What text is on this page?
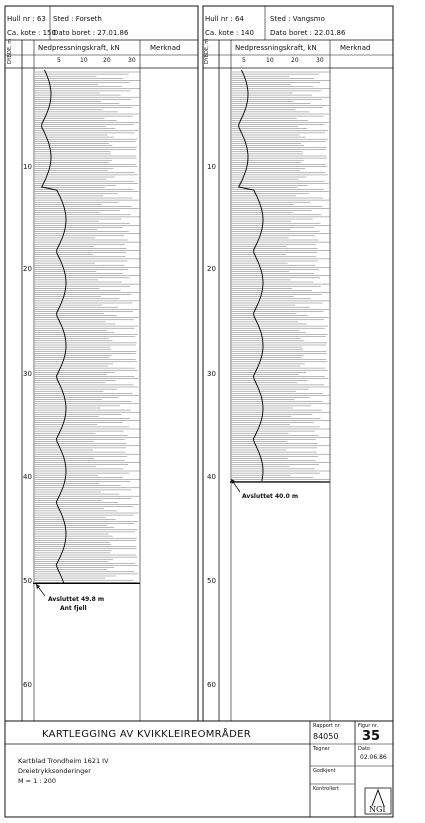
Hull nr : 63 Sted : Forseth
Ca. kote : 150
Dato boret : 27.01.86
Nedpressningskraft, kN	Merknad
DYBDE, m	5	10	20	30
10
20
30
40
50
60
Avsluttet 49.8 m
Ant fjell
Hull nr : 64	Sted : Vangsmo
Ca. kote : 140 Dato boret : 22.01.86
Nedpressningskraft, kN	Merknad
DYBDE, m	5	10	20	30
10
20
30
40
50
60
Avsluttet 40.0 m
KARTLEGGING AV KVIKKLEIREOMRÅDER
Kartblad Trondheim 1621 IV
Dreietrykksonderinger
M = 1 : 200
Rapport nr.
84050
Figur nr.
35
Tegner	Dato
02.06.86
Godkjent
Kontrollert
NGI
